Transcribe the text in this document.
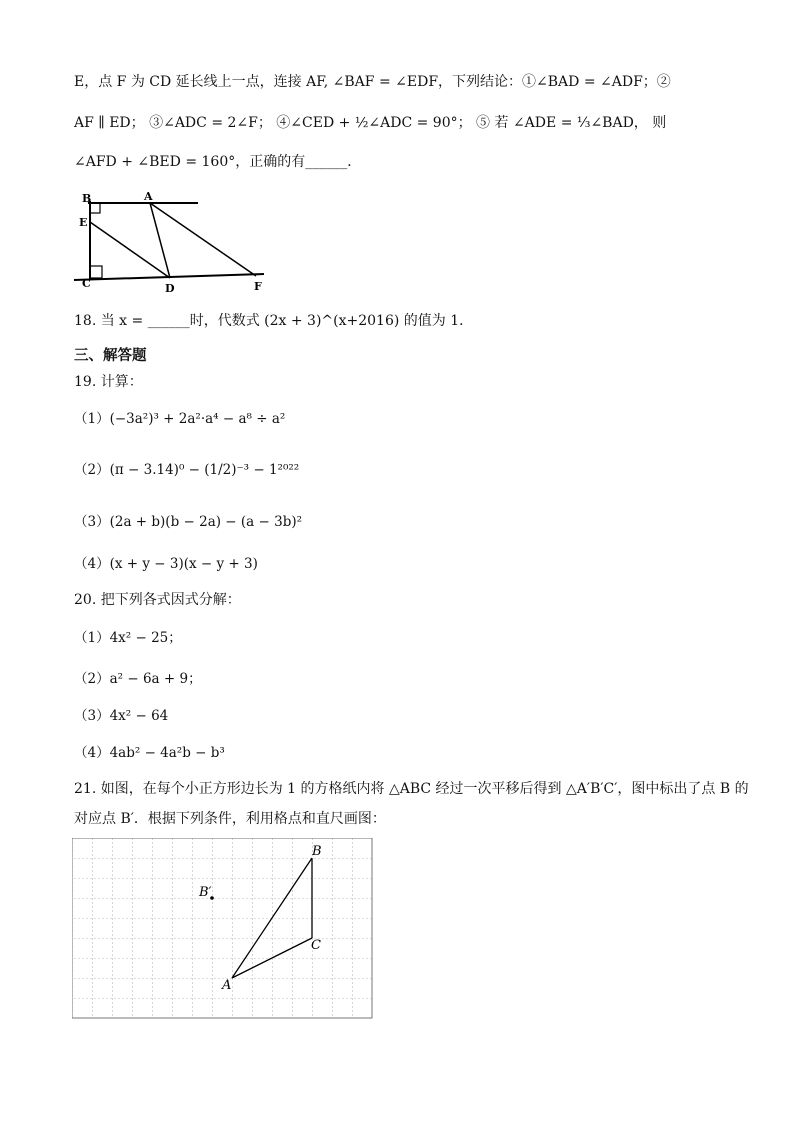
E，点 F 为 CD 延长线上一点，连接 AF, ∠BAF = ∠EDF，下列结论：①∠BAD = ∠ADF；②
AF ∥ ED； ③∠ADC = 2∠F； ④∠CED + ½∠ADC = 90°； ⑤ 若 ∠ADE = ⅓∠BAD， 则
∠AFD + ∠BED = 160°，正确的有______．
B	A
E
C	D	F
18. 当 x = ______时，代数式 (2x + 3)^(x+2016) 的值为 1．
三、解答题
19. 计算：
（1）(−3a²)³ + 2a²·a⁴ − a⁸ ÷ a²
（2）(π − 3.14)⁰ − (1/2)⁻³ − 1²⁰²²
（3）(2a + b)(b − 2a) − (a − 3b)²
（4）(x + y − 3)(x − y + 3)
20. 把下列各式因式分解：
（1）4x² − 25；
（2）a² − 6a + 9；
（3）4x² − 64
（4）4ab² − 4a²b − b³
21. 如图，在每个小正方形边长为 1 的方格纸内将 △ABC 经过一次平移后得到 △A′B′C′，图中标出了点 B 的
对应点 B′．根据下列条件，利用格点和直尺画图：
B
C
A
B′
